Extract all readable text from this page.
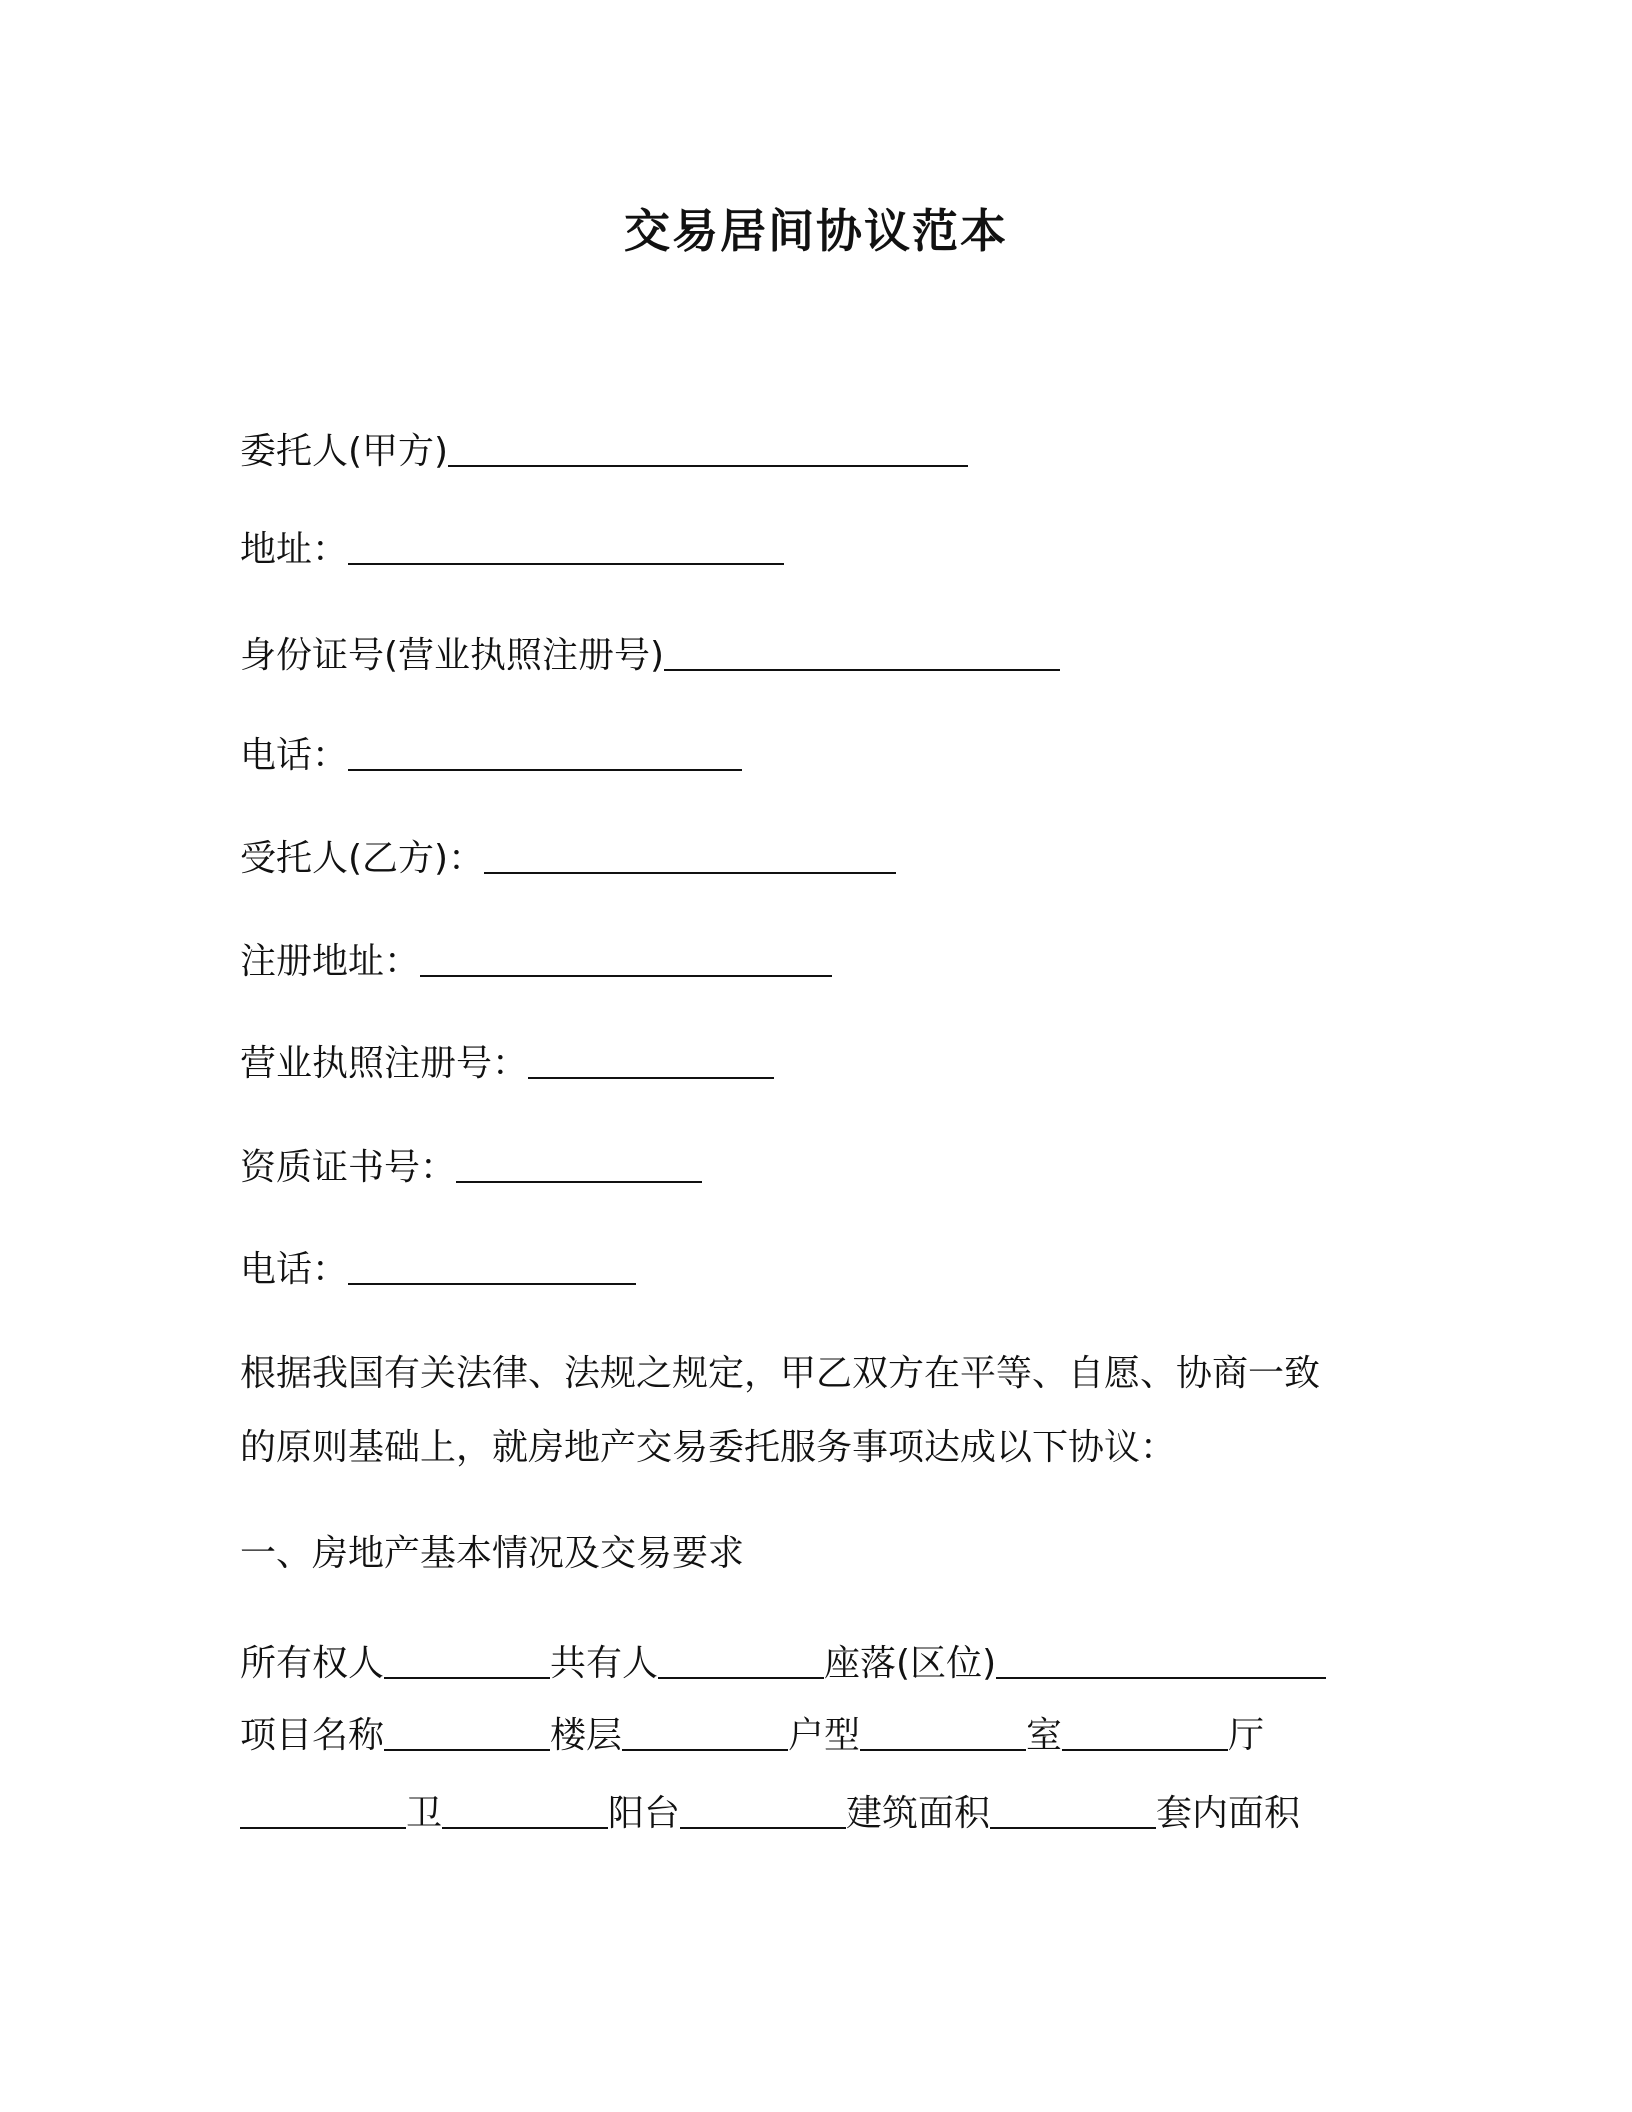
交易居间协议范本
委托人(甲方)
地址：
身份证号(营业执照注册号)
电话：
受托人(乙方)：
注册地址：
营业执照注册号：
资质证书号：
电话：
根据我国有关法律、法规之规定，甲乙双方在平等、自愿、协商一致
的原则基础上，就房地产交易委托服务事项达成以下协议：
一、房地产基本情况及交易要求
所有权人	共有人	座落(区位)
项目名称	楼层	户型	室	厅
卫	阳台	建筑面积	套内面积
